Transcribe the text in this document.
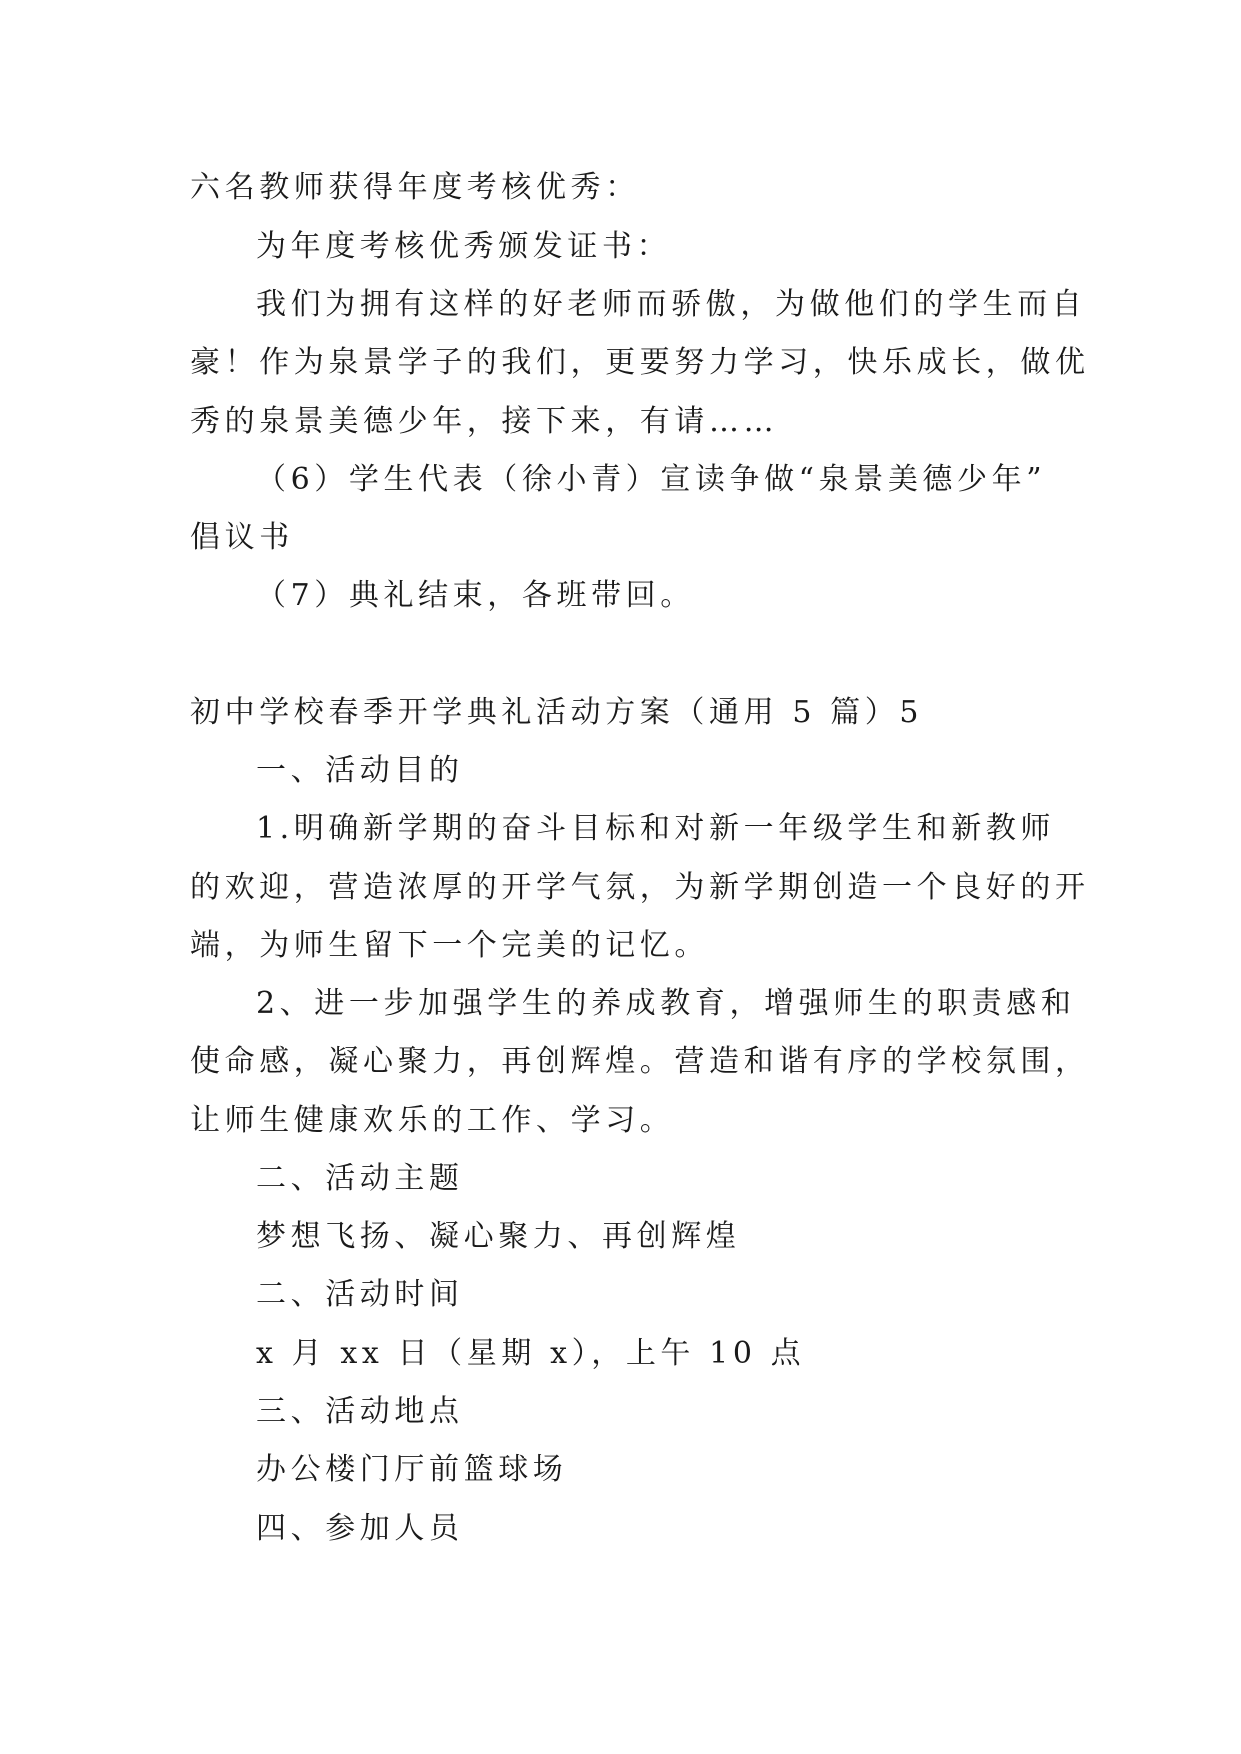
六名教师获得年度考核优秀：
为年度考核优秀颁发证书：
我们为拥有这样的好老师而骄傲，为做他们的学生而自
豪！作为泉景学子的我们，更要努力学习，快乐成长，做优
秀的泉景美德少年，接下来，有请……
（6）学生代表（徐小青）宣读争做“泉景美德少年”
倡议书
（7）典礼结束，各班带回。
初中学校春季开学典礼活动方案（通用 5 篇）5
一、活动目的
1.明确新学期的奋斗目标和对新一年级学生和新教师
的欢迎，营造浓厚的开学气氛，为新学期创造一个良好的开
端，为师生留下一个完美的记忆。
2、进一步加强学生的养成教育，增强师生的职责感和
使命感，凝心聚力，再创辉煌。营造和谐有序的学校氛围，
让师生健康欢乐的工作、学习。
二、活动主题
梦想飞扬、凝心聚力、再创辉煌
二、活动时间
x 月 xx 日（星期 x），上午 10 点
三、活动地点
办公楼门厅前篮球场
四、参加人员
